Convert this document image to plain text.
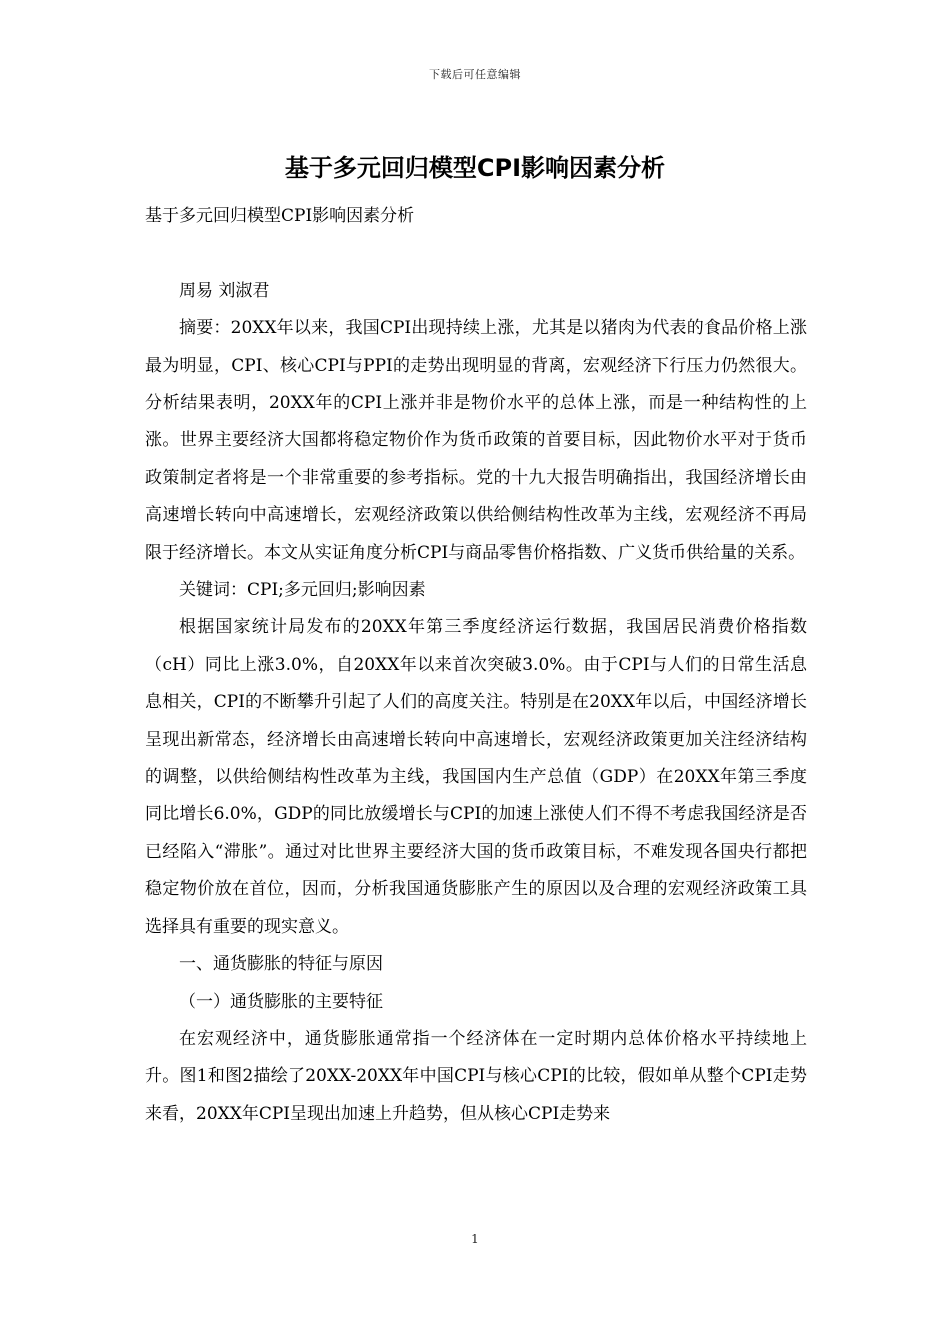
下载后可任意编辑
基于多元回归模型CPI影响因素分析

基于多元回归模型CPI影响因素分析

周易 刘淑君

摘要：20XX年以来，我国CPI出现持续上涨，尤其是以猪肉为代表的食品价格上涨最为明显，CPI、核心CPI与PPI的走势出现明显的背离，宏观经济下行压力仍然很大。分析结果表明，20XX年的CPI上涨并非是物价水平的总体上涨，而是一种结构性的上涨。世界主要经济大国都将稳定物价作为货币政策的首要目标，因此物价水平对于货币政策制定者将是一个非常重要的参考指标。党的十九大报告明确指出，我国经济增长由高速增长转向中高速增长，宏观经济政策以供给侧结构性改革为主线，宏观经济不再局限于经济增长。本文从实证角度分析CPI与商品零售价格指数、广义货币供给量的关系。

关键词：CPI;多元回归;影响因素

根据国家统计局发布的20XX年第三季度经济运行数据，我国居民消费价格指数（cH）同比上涨3.0%，自20XX年以来首次突破3.0%。由于CPI与人们的日常生活息息相关，CPI的不断攀升引起了人们的高度关注。特别是在20XX年以后，中国经济增长呈现出新常态，经济增长由高速增长转向中高速增长，宏观经济政策更加关注经济结构的调整，以供给侧结构性改革为主线，我国国内生产总值（GDP）在20XX年第三季度同比增长6.0%，GDP的同比放缓增长与CPI的加速上涨使人们不得不考虑我国经济是否已经陷入“滞胀”。通过对比世界主要经济大国的货币政策目标，不难发现各国央行都把稳定物价放在首位，因而，分析我国通货膨胀产生的原因以及合理的宏观经济政策工具选择具有重要的现实意义。

一、通货膨胀的特征与原因

（一）通货膨胀的主要特征

在宏观经济中，通货膨胀通常指一个经济体在一定时期内总体价格水平持续地上升。图1和图2描绘了20XX-20XX年中国CPI与核心CPI的比较，假如单从整个CPI走势来看，20XX年CPI呈现出加速上升趋势，但从核心CPI走势来

1
